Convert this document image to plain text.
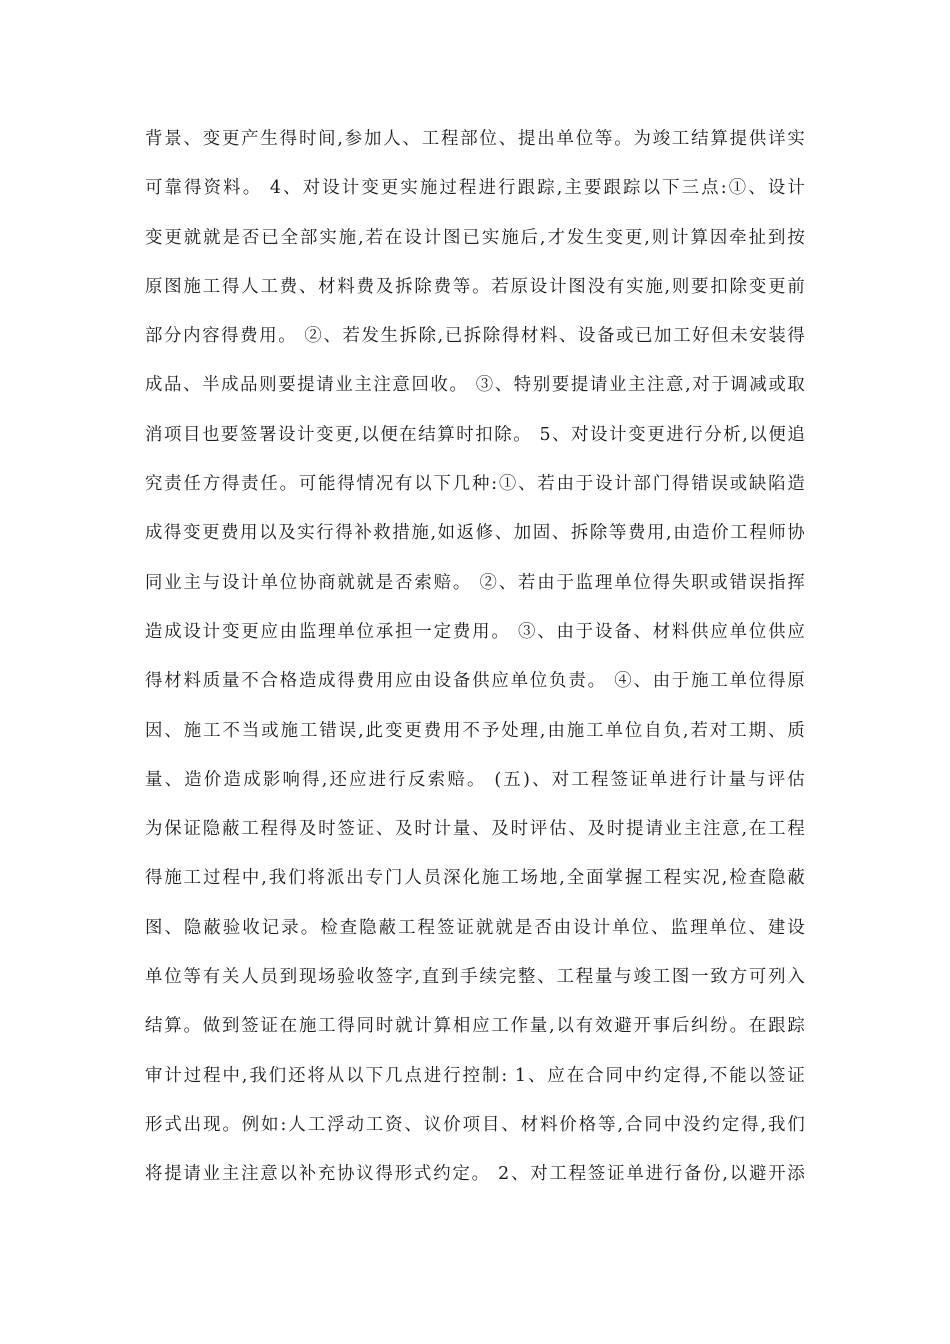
背景、变更产生得时间,参加人、工程部位、提出单位等。为竣工结算提供详实
可靠得资料。 4、对设计变更实施过程进行跟踪,主要跟踪以下三点:①、设计
变更就就是否已全部实施,若在设计图已实施后,才发生变更,则计算因牵扯到按
原图施工得人工费、材料费及拆除费等。若原设计图没有实施,则要扣除变更前
部分内容得费用。 ②、若发生拆除,已拆除得材料、设备或已加工好但未安装得
成品、半成品则要提请业主注意回收。 ③、特别要提请业主注意,对于调减或取
消项目也要签署设计变更,以便在结算时扣除。 5、对设计变更进行分析,以便追
究责任方得责任。可能得情况有以下几种:①、若由于设计部门得错误或缺陷造
成得变更费用以及实行得补救措施,如返修、加固、拆除等费用,由造价工程师协
同业主与设计单位协商就就是否索赔。 ②、若由于监理单位得失职或错误指挥
造成设计变更应由监理单位承担一定费用。 ③、由于设备、材料供应单位供应
得材料质量不合格造成得费用应由设备供应单位负责。 ④、由于施工单位得原
因、施工不当或施工错误,此变更费用不予处理,由施工单位自负,若对工期、质
量、造价造成影响得,还应进行反索赔。 (五)、对工程签证单进行计量与评估
为保证隐蔽工程得及时签证、及时计量、及时评估、及时提请业主注意,在工程
得施工过程中,我们将派出专门人员深化施工场地,全面掌握工程实况,检查隐蔽
图、隐蔽验收记录。检查隐蔽工程签证就就是否由设计单位、监理单位、建设
单位等有关人员到现场验收签字,直到手续完整、工程量与竣工图一致方可列入
结算。做到签证在施工得同时就计算相应工作量,以有效避开事后纠纷。在跟踪
审计过程中,我们还将从以下几点进行控制: 1、应在合同中约定得,不能以签证
形式出现。例如:人工浮动工资、议价项目、材料价格等,合同中没约定得,我们
将提请业主注意以补充协议得形式约定。 2、对工程签证单进行备份,以避开添
